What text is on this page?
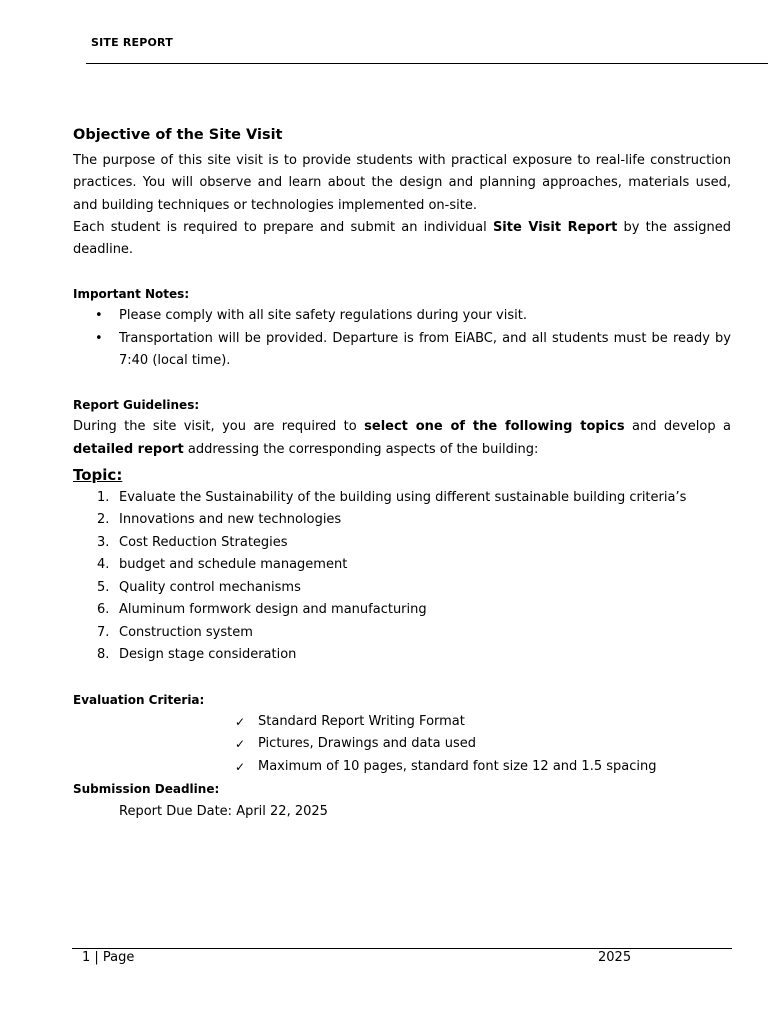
SITE REPORT
Objective of the Site Visit

The purpose of this site visit is to provide students with practical exposure to real-life construction practices. You will observe and learn about the design and planning approaches, materials used, and building techniques or technologies implemented on-site.

Each student is required to prepare and submit an individual Site Visit Report by the assigned deadline.

Important Notes:
• Please comply with all site safety regulations during your visit.
• Transportation will be provided. Departure is from EiABC, and all students must be ready by 7:40 (local time).
Report Guidelines:

During the site visit, you are required to select one of the following topics and develop a detailed report addressing the corresponding aspects of the building:

Topic:
1. Evaluate the Sustainability of the building using different sustainable building criteria’s
2. Innovations and new technologies
3. Cost Reduction Strategies
4. budget and schedule management
5. Quality control mechanisms
6. Aluminum formwork design and manufacturing
7. Construction system
8. Design stage consideration
Evaluation Criteria:
✓ Standard Report Writing Format
✓ Pictures, Drawings and data used
✓ Maximum of 10 pages, standard font size 12 and 1.5 spacing
Submission Deadline:
Report Due Date: April 22, 2025
1 | Page	2025
